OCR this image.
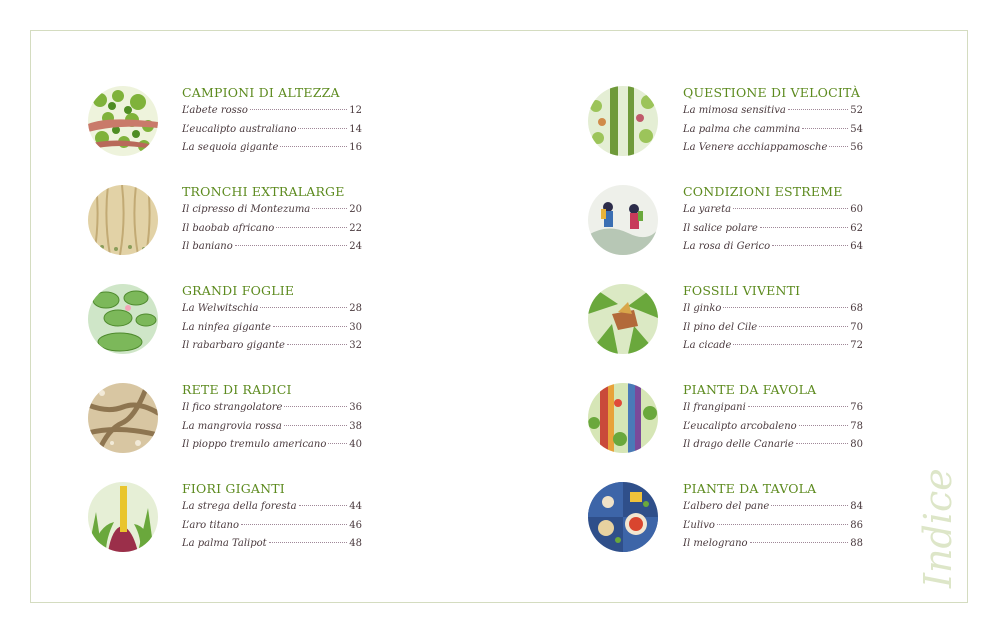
CAMPIONI DI ALTEZZA
L’abete rosso	12
L’eucalipto australiano	14
La sequoia gigante	16
TRONCHI EXTRALARGE
Il cipresso di Montezuma	20
Il baobab africano	22
Il baniano	24
GRANDI FOGLIE
La Welwitschia	28
La ninfea gigante	30
Il rabarbaro gigante	32
RETE DI RADICI
Il fico strangolatore	36
La mangrovia rossa	38
Il pioppo tremulo americano 40
FIORI GIGANTI
La strega della foresta	44
L’aro titano	46
La palma Talipot	48
QUESTIONE DI VELOCITÀ
La mimosa sensitiva	52
La palma che cammina	54
La Venere acchiappamosche 56
CONDIZIONI ESTREME
La yareta	60
Il salice polare	62
La rosa di Gerico	64
FOSSILI VIVENTI
Il ginko	68
Il pino del Cile	70
La cicade	72
PIANTE DA FAVOLA
Il frangipani	76
L’eucalipto arcobaleno	78
Il drago delle Canarie	80
PIANTE DA TAVOLA
L’albero del pane	84
L’ulivo	86
Il melograno	88 Indice
